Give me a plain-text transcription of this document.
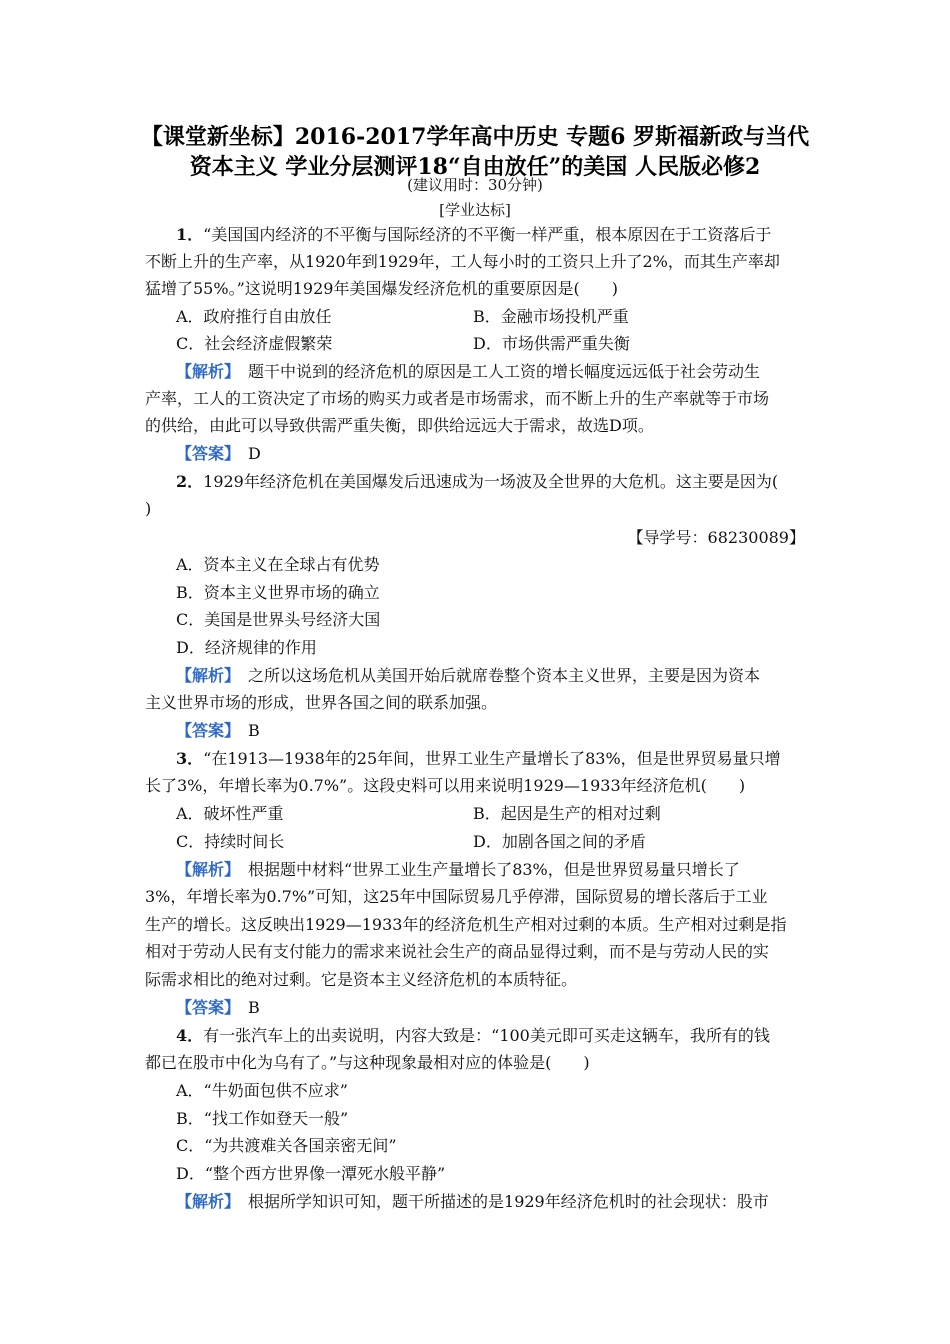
【课堂新坐标】2016-2017学年高中历史 专题6 罗斯福新政与当代
资本主义 学业分层测评18“自由放任”的美国 人民版必修2
(建议用时：30分钟)
[学业达标]
1．“美国国内经济的不平衡与国际经济的不平衡一样严重，根本原因在于工资落后于
不断上升的生产率，从1920年到1929年，工人每小时的工资只上升了2%，而其生产率却
猛增了55%。”这说明1929年美国爆发经济危机的重要原因是(　　)
A．政府推行自由放任	B．金融市场投机严重
C．社会经济虚假繁荣	D．市场供需严重失衡
【解析】　题干中说到的经济危机的原因是工人工资的增长幅度远远低于社会劳动生
产率，工人的工资决定了市场的购买力或者是市场需求，而不断上升的生产率就等于市场
的供给，由此可以导致供需严重失衡，即供给远远大于需求，故选D项。
【答案】　D
2．1929年经济危机在美国爆发后迅速成为一场波及全世界的大危机。这主要是因为(
)
【导学号：68230089】
A．资本主义在全球占有优势
B．资本主义世界市场的确立
C．美国是世界头号经济大国
D．经济规律的作用
【解析】　之所以这场危机从美国开始后就席卷整个资本主义世界，主要是因为资本
主义世界市场的形成，世界各国之间的联系加强。
【答案】　B
3．“在1913—1938年的25年间，世界工业生产量增长了83%，但是世界贸易量只增
长了3%，年增长率为0.7%”。这段史料可以用来说明1929—1933年经济危机(　　)
A．破坏性严重	B．起因是生产的相对过剩
C．持续时间长	D．加剧各国之间的矛盾
【解析】　根据题中材料“世界工业生产量增长了83%，但是世界贸易量只增长了
3%，年增长率为0.7%”可知，这25年中国际贸易几乎停滞，国际贸易的增长落后于工业
生产的增长。这反映出1929—1933年的经济危机生产相对过剩的本质。生产相对过剩是指
相对于劳动人民有支付能力的需求来说社会生产的商品显得过剩，而不是与劳动人民的实
际需求相比的绝对过剩。它是资本主义经济危机的本质特征。
【答案】　B
4．有一张汽车上的出卖说明，内容大致是：“100美元即可买走这辆车，我所有的钱
都已在股市中化为乌有了。”与这种现象最相对应的体验是(　　)
A．“牛奶面包供不应求”
B．“找工作如登天一般”
C．“为共渡难关各国亲密无间”
D．“整个西方世界像一潭死水般平静”
【解析】　根据所学知识可知，题干所描述的是1929年经济危机时的社会现状：股市
